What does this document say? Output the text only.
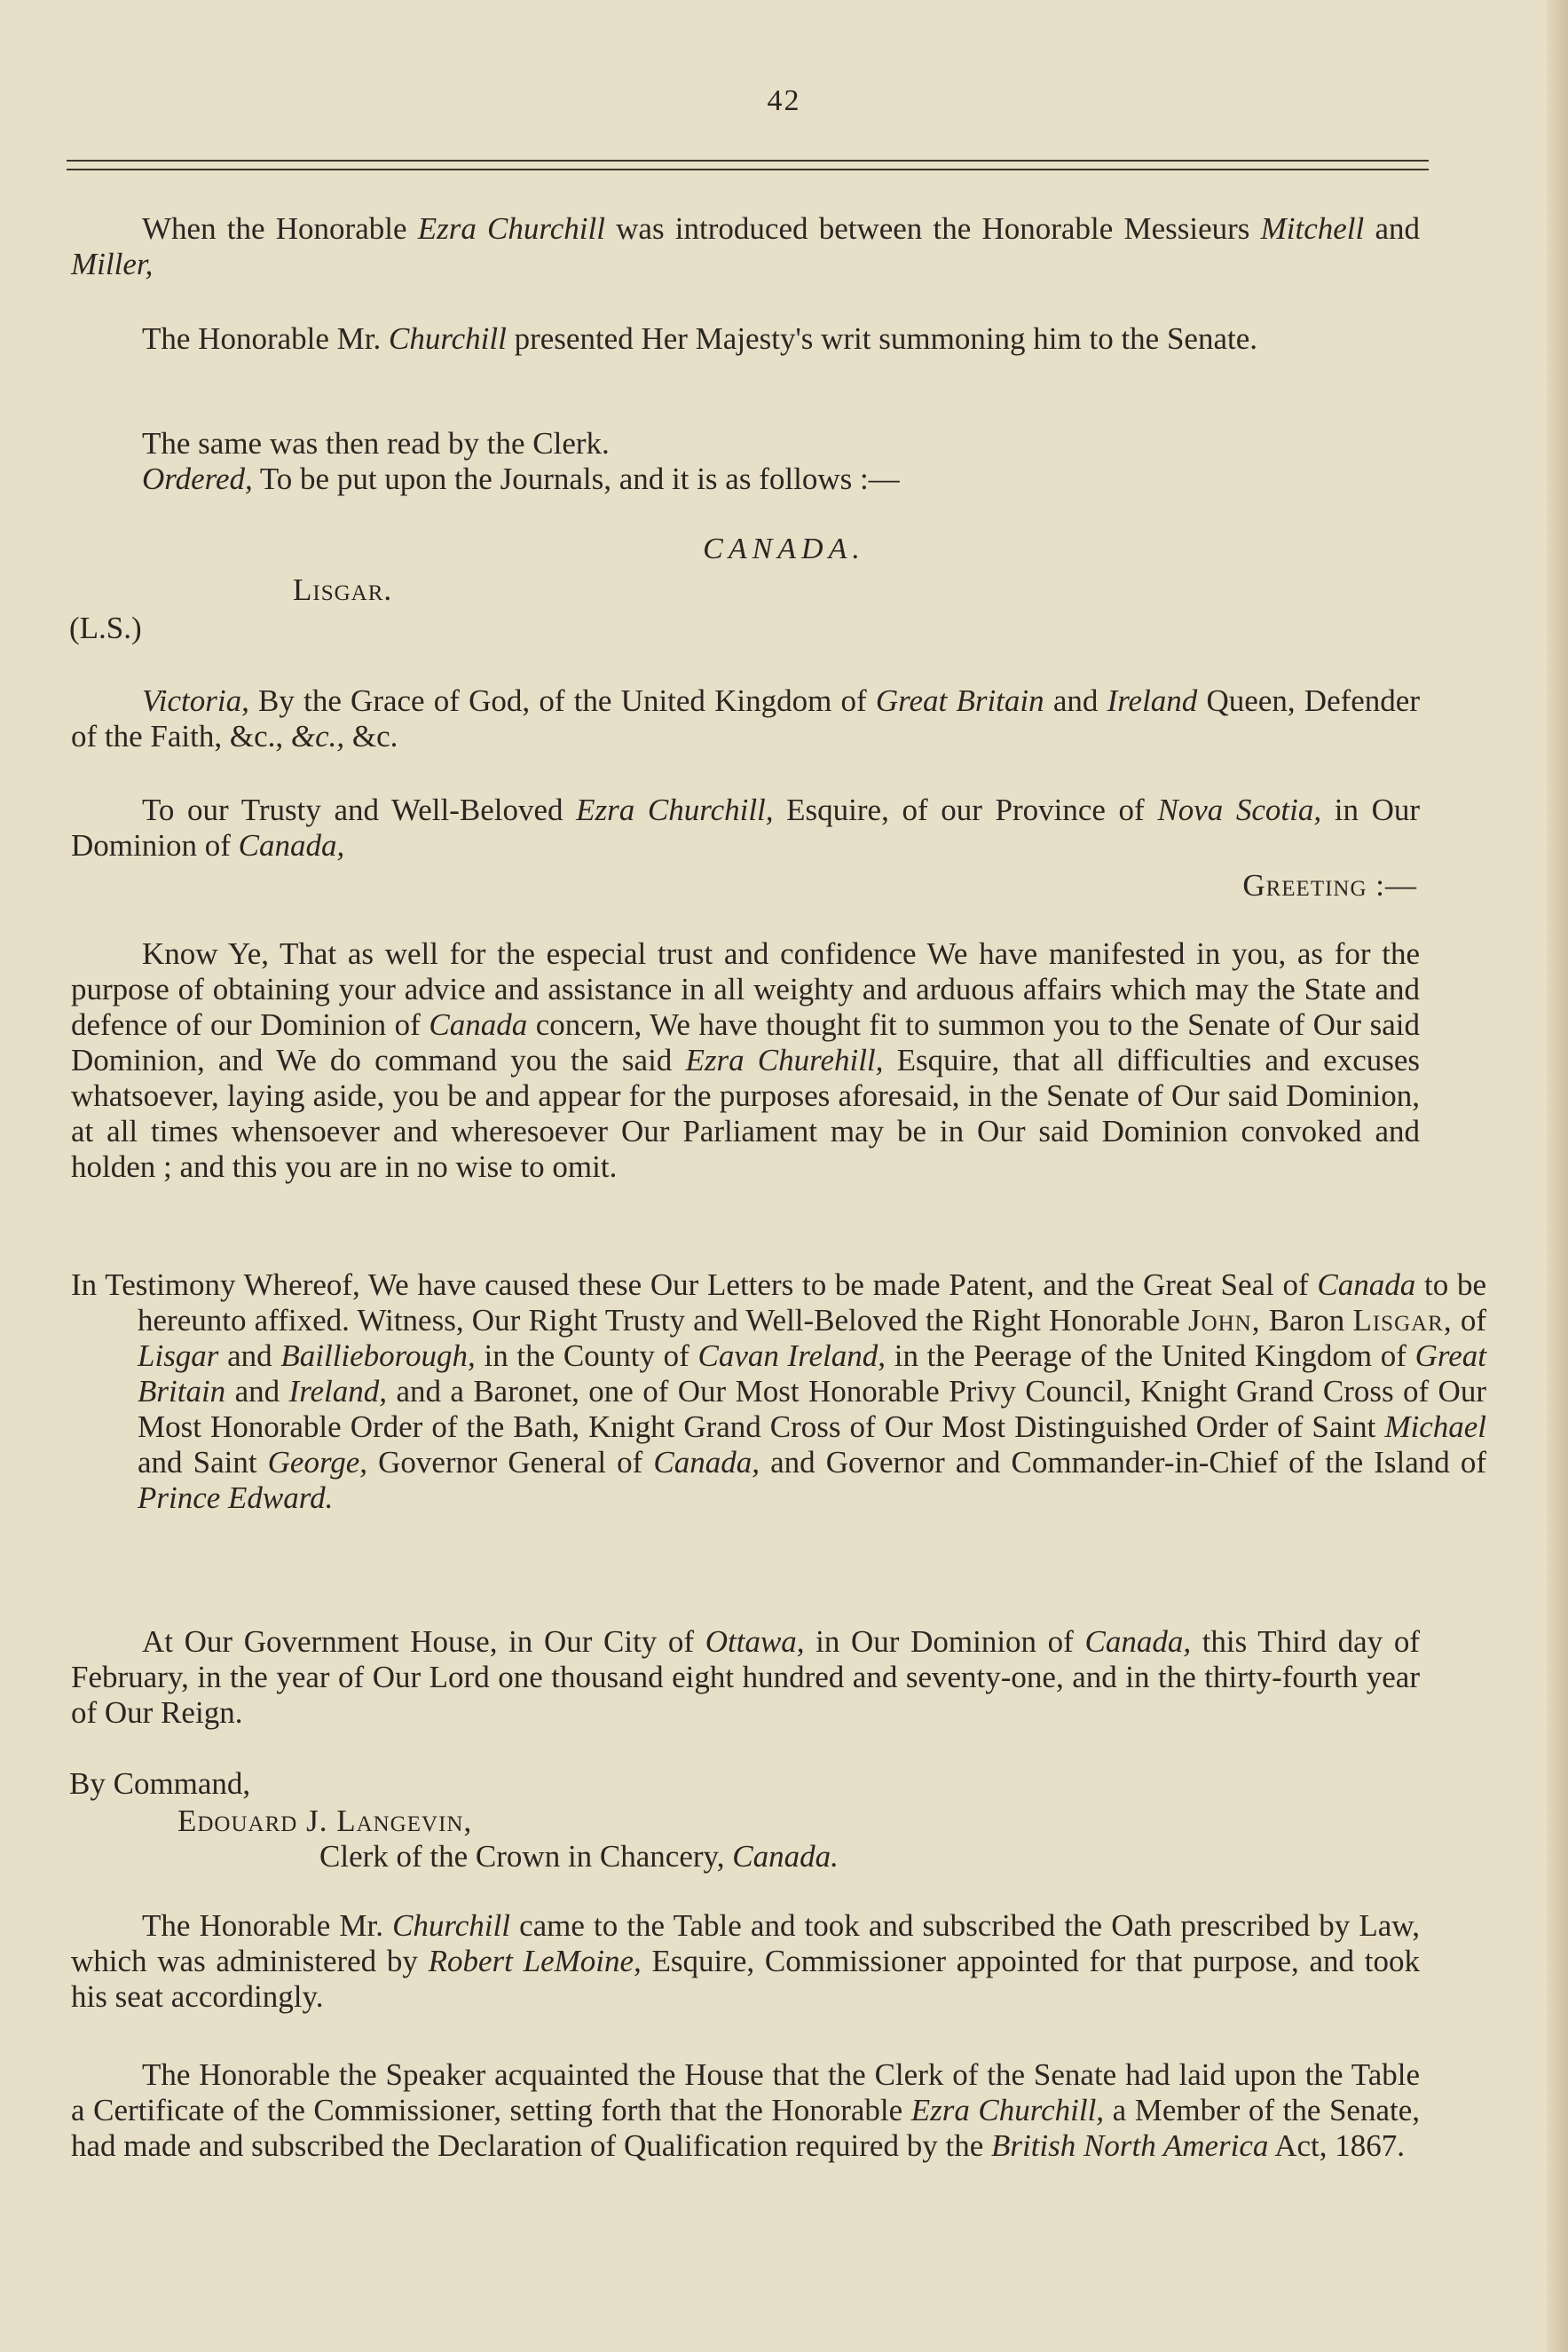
42
When the Honorable Ezra Churchill was introduced between the Honorable Messieurs Mitchell and Miller,
The Honorable Mr. Churchill presented Her Majesty's writ summoning him to the Senate.
The same was then read by the Clerk.
Ordered, To be put upon the Journals, and it is as follows :—
CANADA.
Lisgar.
(L.S.)
Victoria, By the Grace of God, of the United Kingdom of Great Britain and Ireland Queen, Defender of the Faith, &c., &c., &c.
To our Trusty and Well-Beloved Ezra Churchill, Esquire, of our Province of Nova Scotia, in Our Dominion of Canada,
Greeting :—
Know Ye, That as well for the especial trust and confidence We have manifested in you, as for the purpose of obtaining your advice and assistance in all weighty and arduous affairs which may the State and defence of our Dominion of Canada concern, We have thought fit to summon you to the Senate of Our said Dominion, and We do command you the said Ezra Churehill, Esquire, that all difficulties and excuses whatsoever, laying aside, you be and appear for the purposes aforesaid, in the Senate of Our said Dominion, at all times whensoever and wheresoever Our Parliament may be in Our said Dominion convoked and holden ; and this you are in no wise to omit.
In Testimony Whereof, We have caused these Our Letters to be made Patent, and the Great Seal of Canada to be hereunto affixed. Witness, Our Right Trusty and Well-Beloved the Right Honorable John, Baron Lisgar, of Lisgar and Baillieborough, in the County of Cavan Ireland, in the Peerage of the United Kingdom of Great Britain and Ireland, and a Baronet, one of Our Most Honorable Privy Council, Knight Grand Cross of Our Most Honorable Order of the Bath, Knight Grand Cross of Our Most Distinguished Order of Saint Michael and Saint George, Governor General of Canada, and Governor and Commander-in-Chief of the Island of Prince Edward.
At Our Government House, in Our City of Ottawa, in Our Dominion of Canada, this Third day of February, in the year of Our Lord one thousand eight hundred and seventy-one, and in the thirty-fourth year of Our Reign.
By Command,
Edouard J. Langevin,
Clerk of the Crown in Chancery, Canada.
The Honorable Mr. Churchill came to the Table and took and subscribed the Oath prescribed by Law, which was administered by Robert LeMoine, Esquire, Commissioner appointed for that purpose, and took his seat accordingly.
The Honorable the Speaker acquainted the House that the Clerk of the Senate had laid upon the Table a Certificate of the Commissioner, setting forth that the Honorable Ezra Churchill, a Member of the Senate, had made and subscribed the Declaration of Qualification required by the British North America Act, 1867.
